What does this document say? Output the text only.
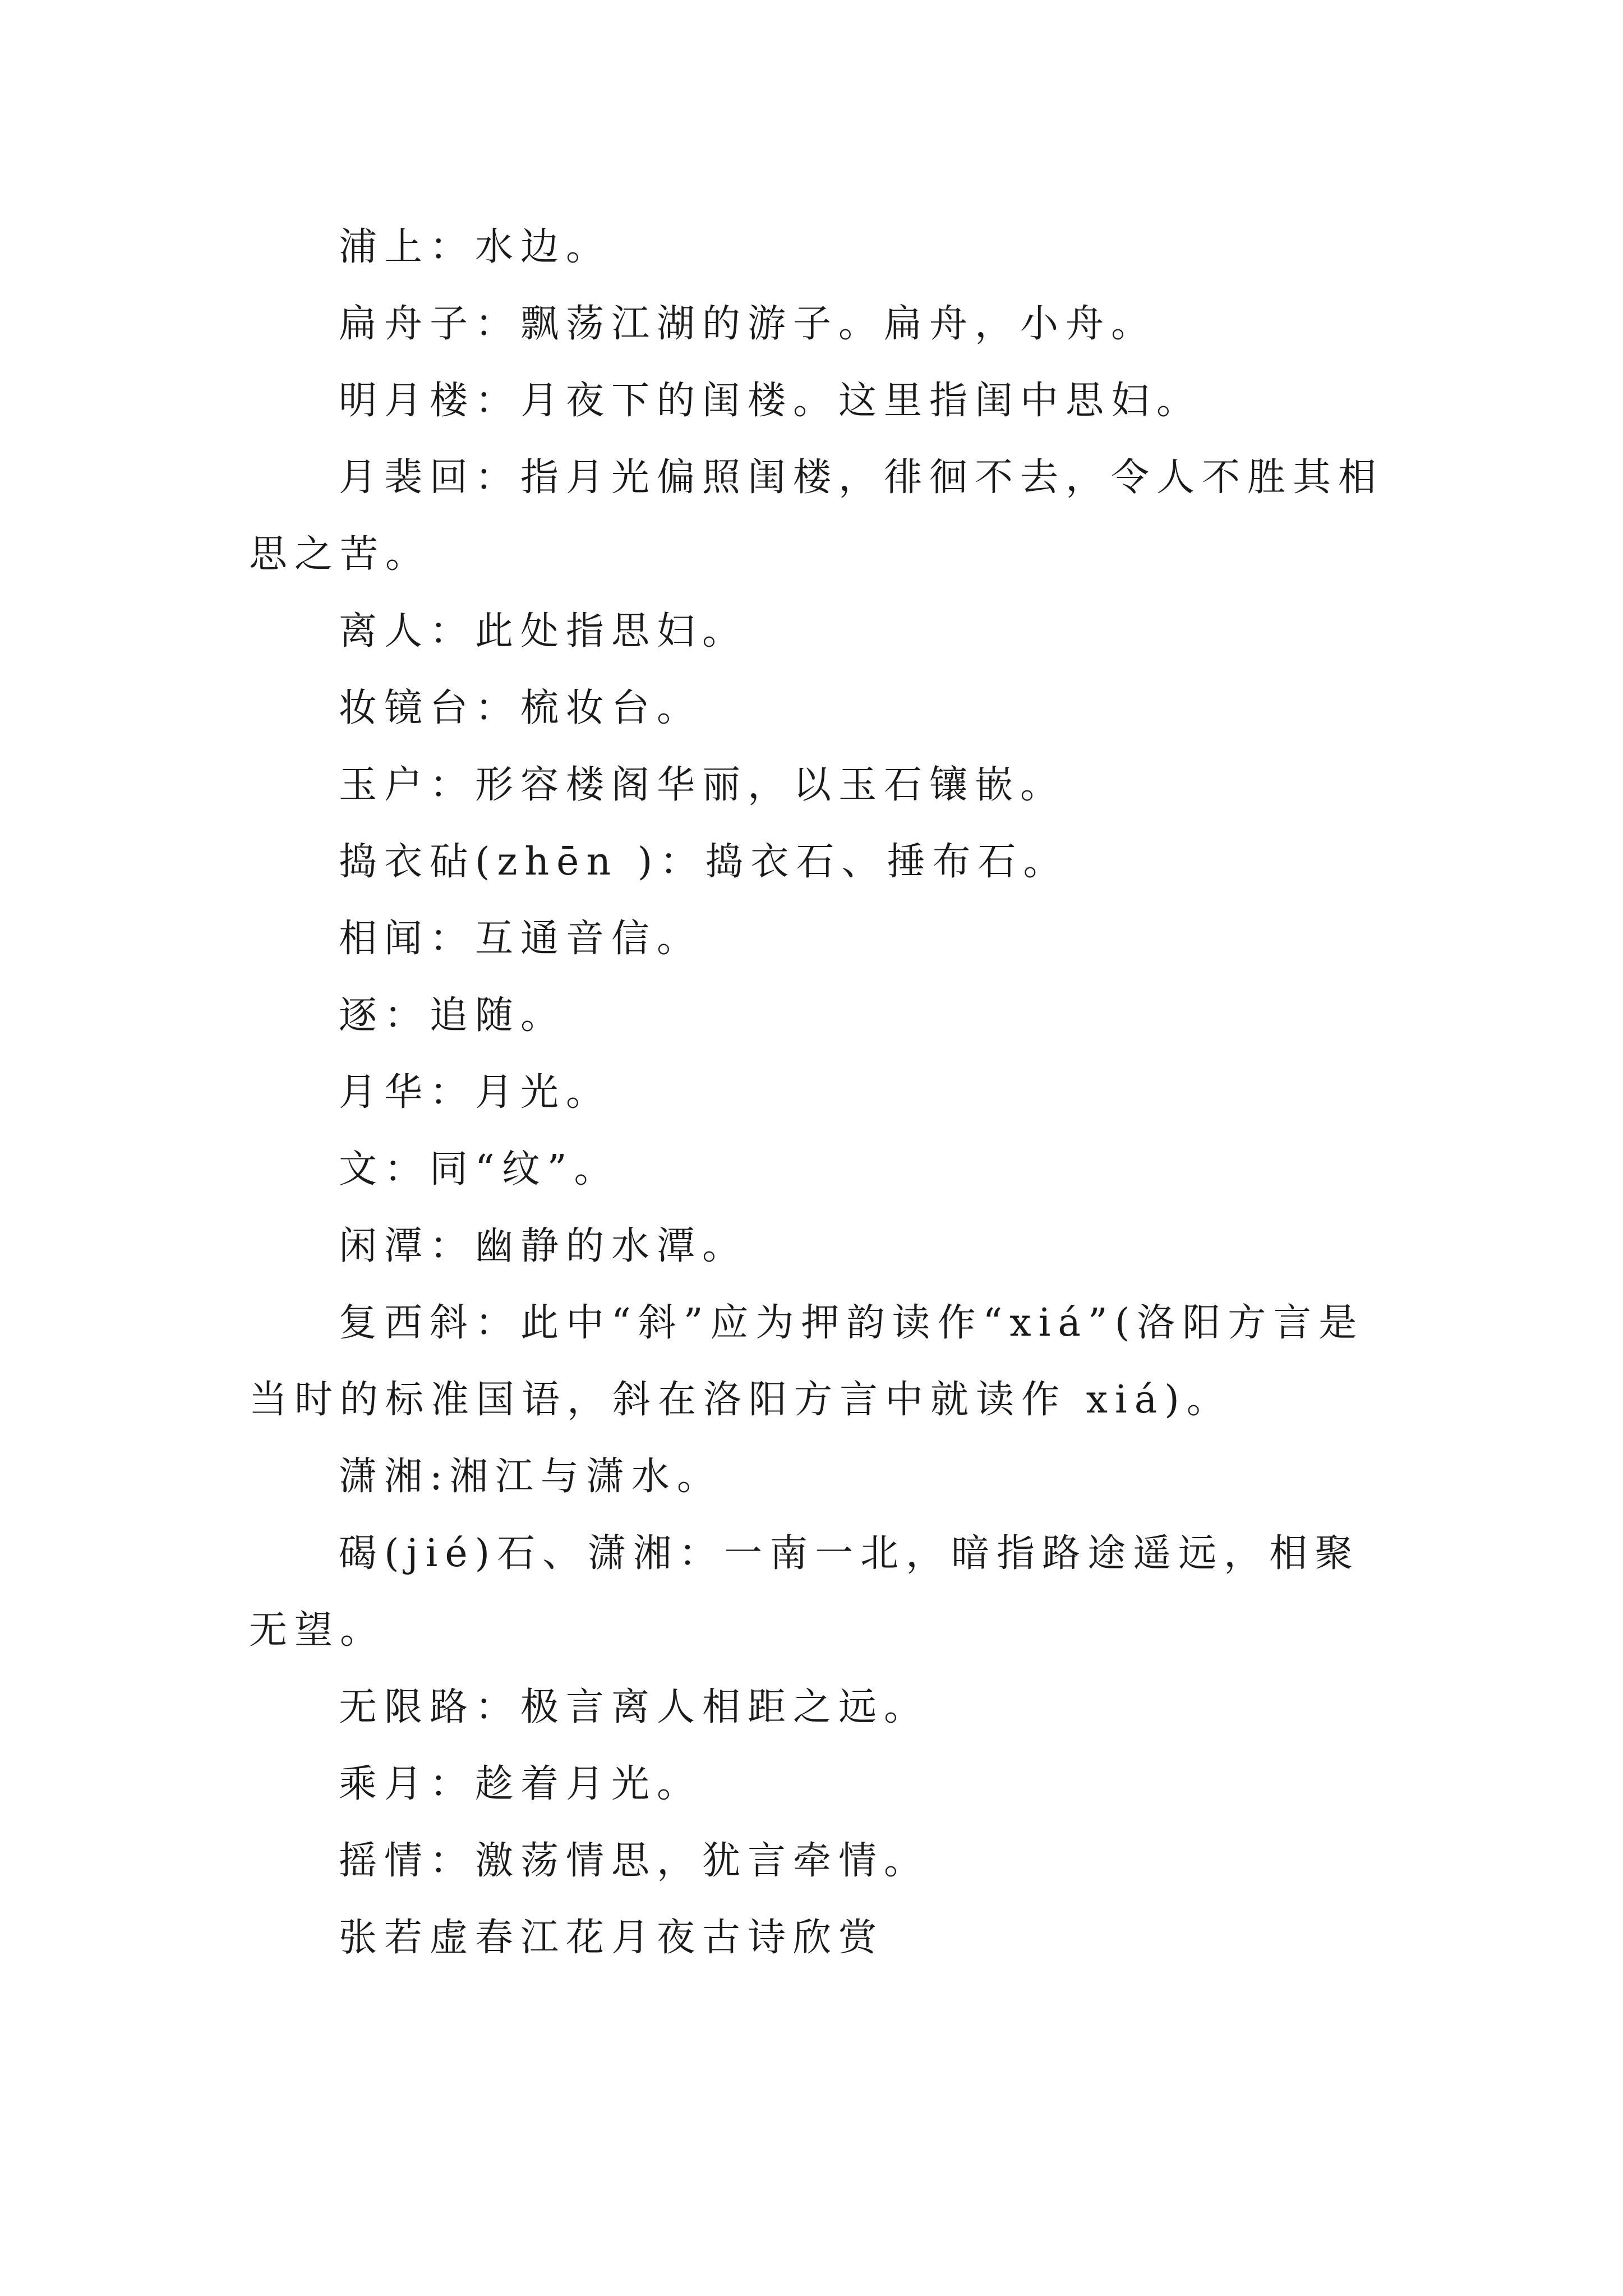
浦上：水边。

扁舟子：飘荡江湖的游子。扁舟，小舟。

明月楼：月夜下的闺楼。这里指闺中思妇。

月裴回：指月光偏照闺楼，徘徊不去，令人不胜其相思之苦。

离人：此处指思妇。

妆镜台：梳妆台。

玉户：形容楼阁华丽，以玉石镶嵌。

捣衣砧(zhēn )：捣衣石、捶布石。

相闻：互通音信。

逐：追随。

月华：月光。

文：同“纹”。

闲潭：幽静的水潭。

复西斜：此中“斜”应为押韵读作“xiá”(洛阳方言是当时的标准国语，斜在洛阳方言中就读作 xiá)。

潇湘:湘江与潇水。

碣(jié)石、潇湘：一南一北，暗指路途遥远，相聚无望。

无限路：极言离人相距之远。

乘月：趁着月光。

摇情：激荡情思，犹言牵情。

张若虚春江花月夜古诗欣赏
